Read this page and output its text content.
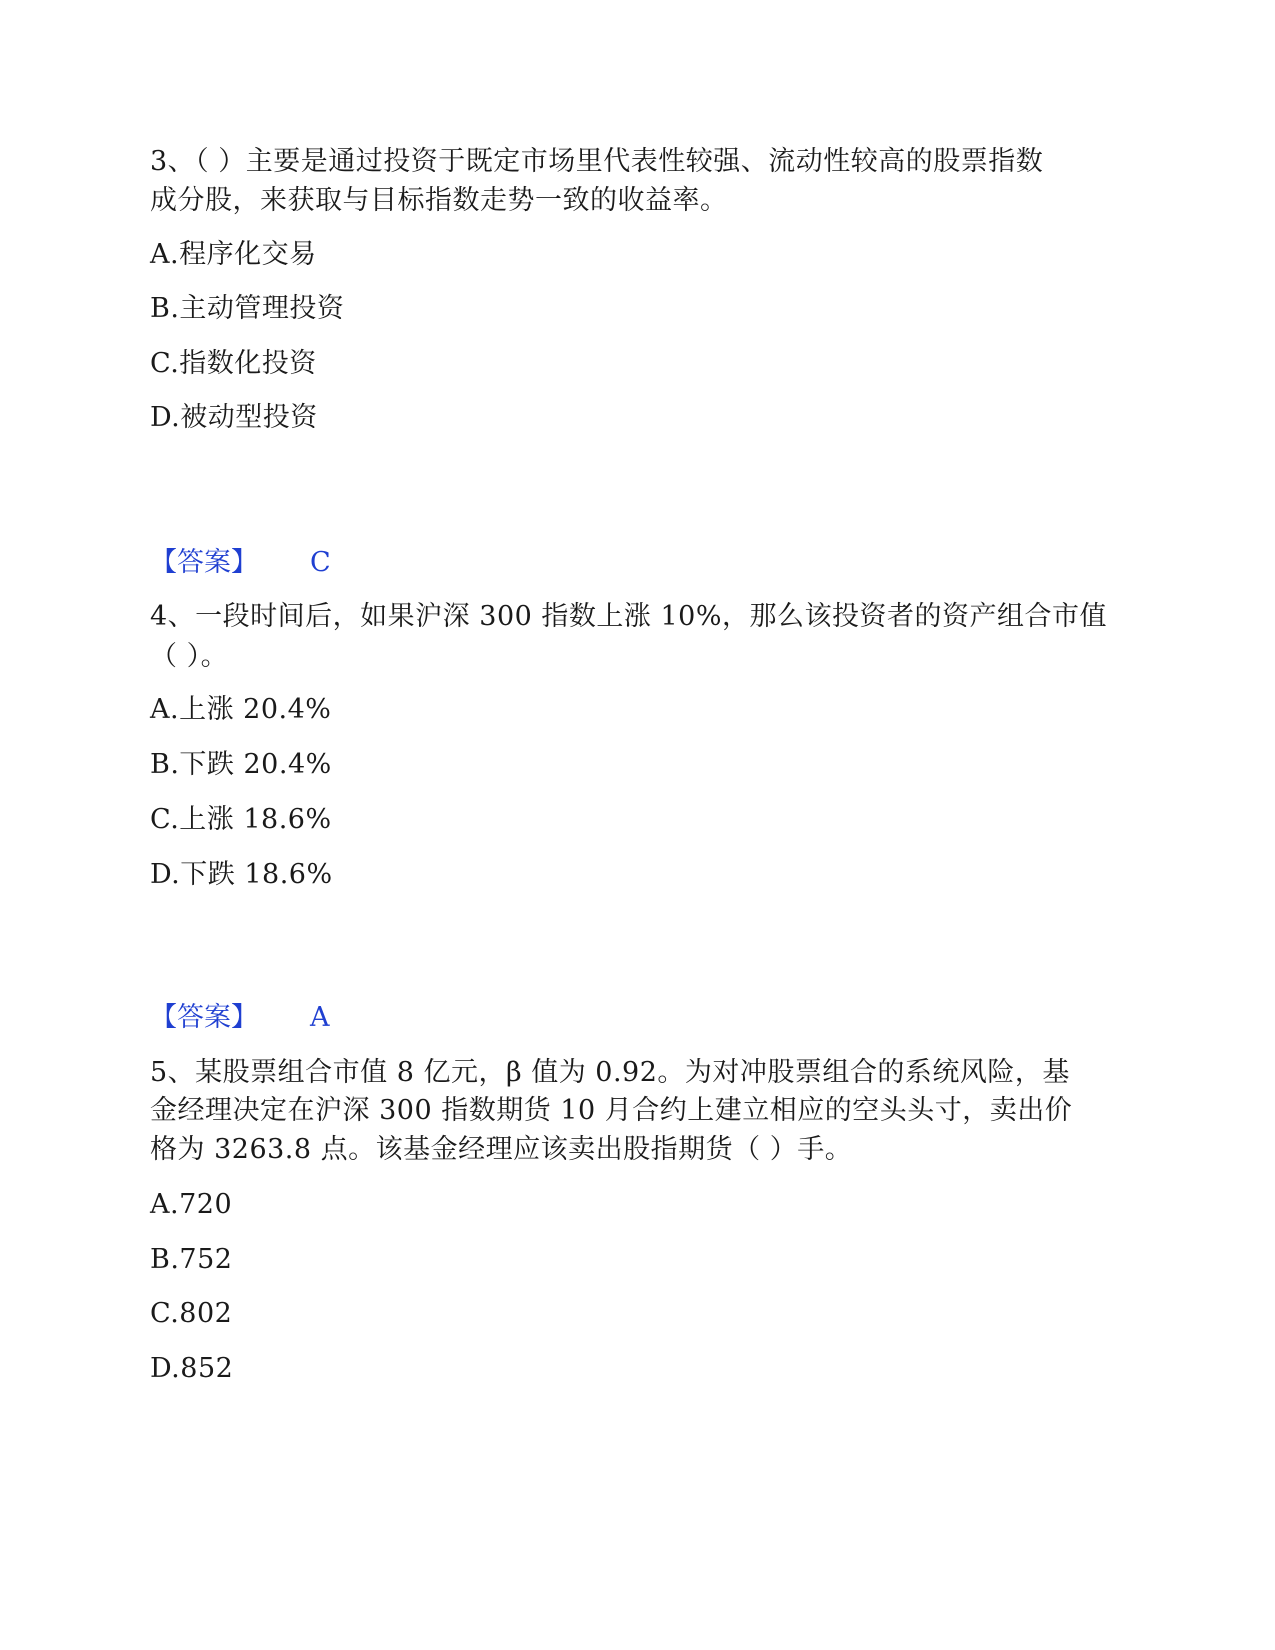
3、（ ）主要是通过投资于既定市场里代表性较强、流动性较高的股票指数
成分股，来获取与目标指数走势一致的收益率。
A.程序化交易
B.主动管理投资
C.指数化投资
D.被动型投资
【答案】 C
4、一段时间后，如果沪深 300 指数上涨 10%，那么该投资者的资产组合市值
（ ）。
A.上涨 20.4%
B.下跌 20.4%
C.上涨 18.6%
D.下跌 18.6%
【答案】 A
5、某股票组合市值 8 亿元，β 值为 0.92。为对冲股票组合的系统风险，基
金经理决定在沪深 300 指数期货 10 月合约上建立相应的空头头寸，卖出价
格为 3263.8 点。该基金经理应该卖出股指期货（ ）手。
A.720
B.752
C.802
D.852
